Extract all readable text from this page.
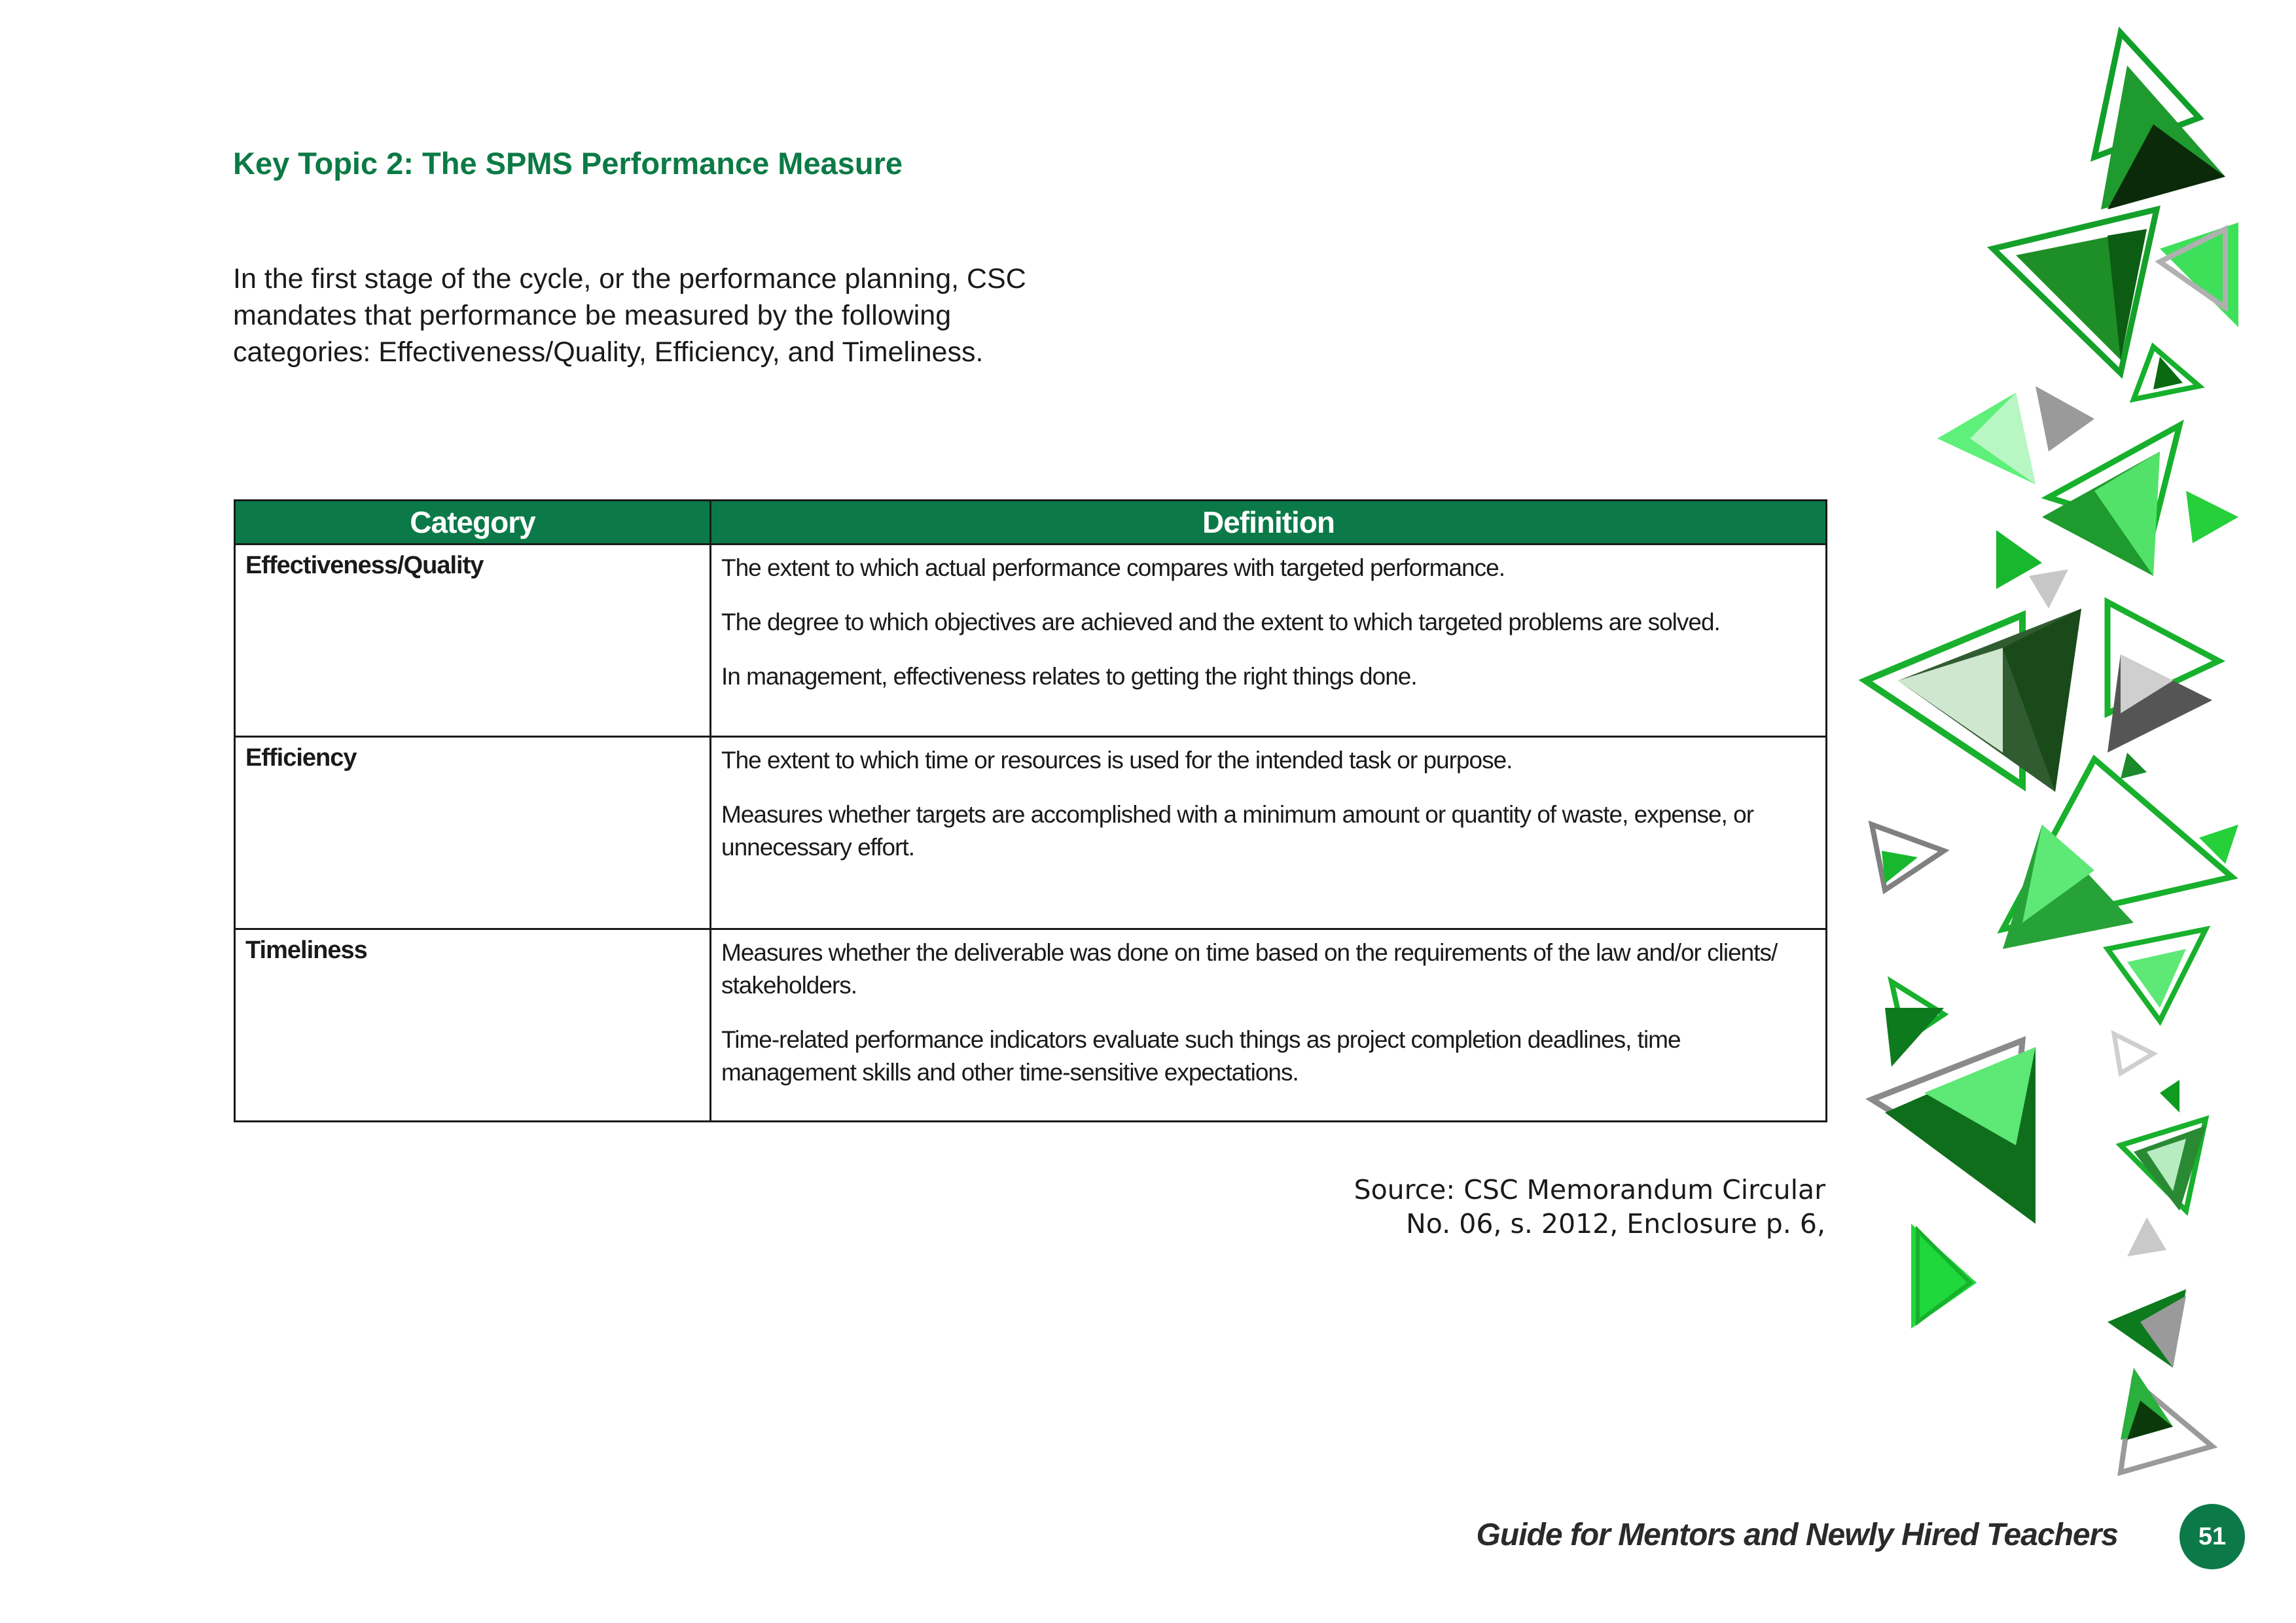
Key Topic 2: The SPMS Performance Measure

In the first stage of the cycle, or the performance planning, CSC mandates that performance be measured by the following categories: Effectiveness/Quality, Efficiency, and Timeliness.

Category	Definition

Effectiveness/Quality	The extent to which actual performance compares with targeted performance.

The degree to which objectives are achieved and the extent to which targeted problems are solved.

In management, effectiveness relates to getting the right things done.

Efficiency	The extent to which time or resources is used for the intended task or purpose.

Measures whether targets are accomplished with a minimum amount or quantity of waste, expense, or unnecessary effort.

Timeliness	Measures whether the deliverable was done on time based on the requirements of the law and/or clients/ stakeholders.

Time-related performance indicators evaluate such things as project completion deadlines, time management skills and other time-sensitive expectations.

Source: CSC Memorandum Circular
No. 06, s. 2012, Enclosure p. 6,
Guide for Mentors and Newly Hired Teachers	51
